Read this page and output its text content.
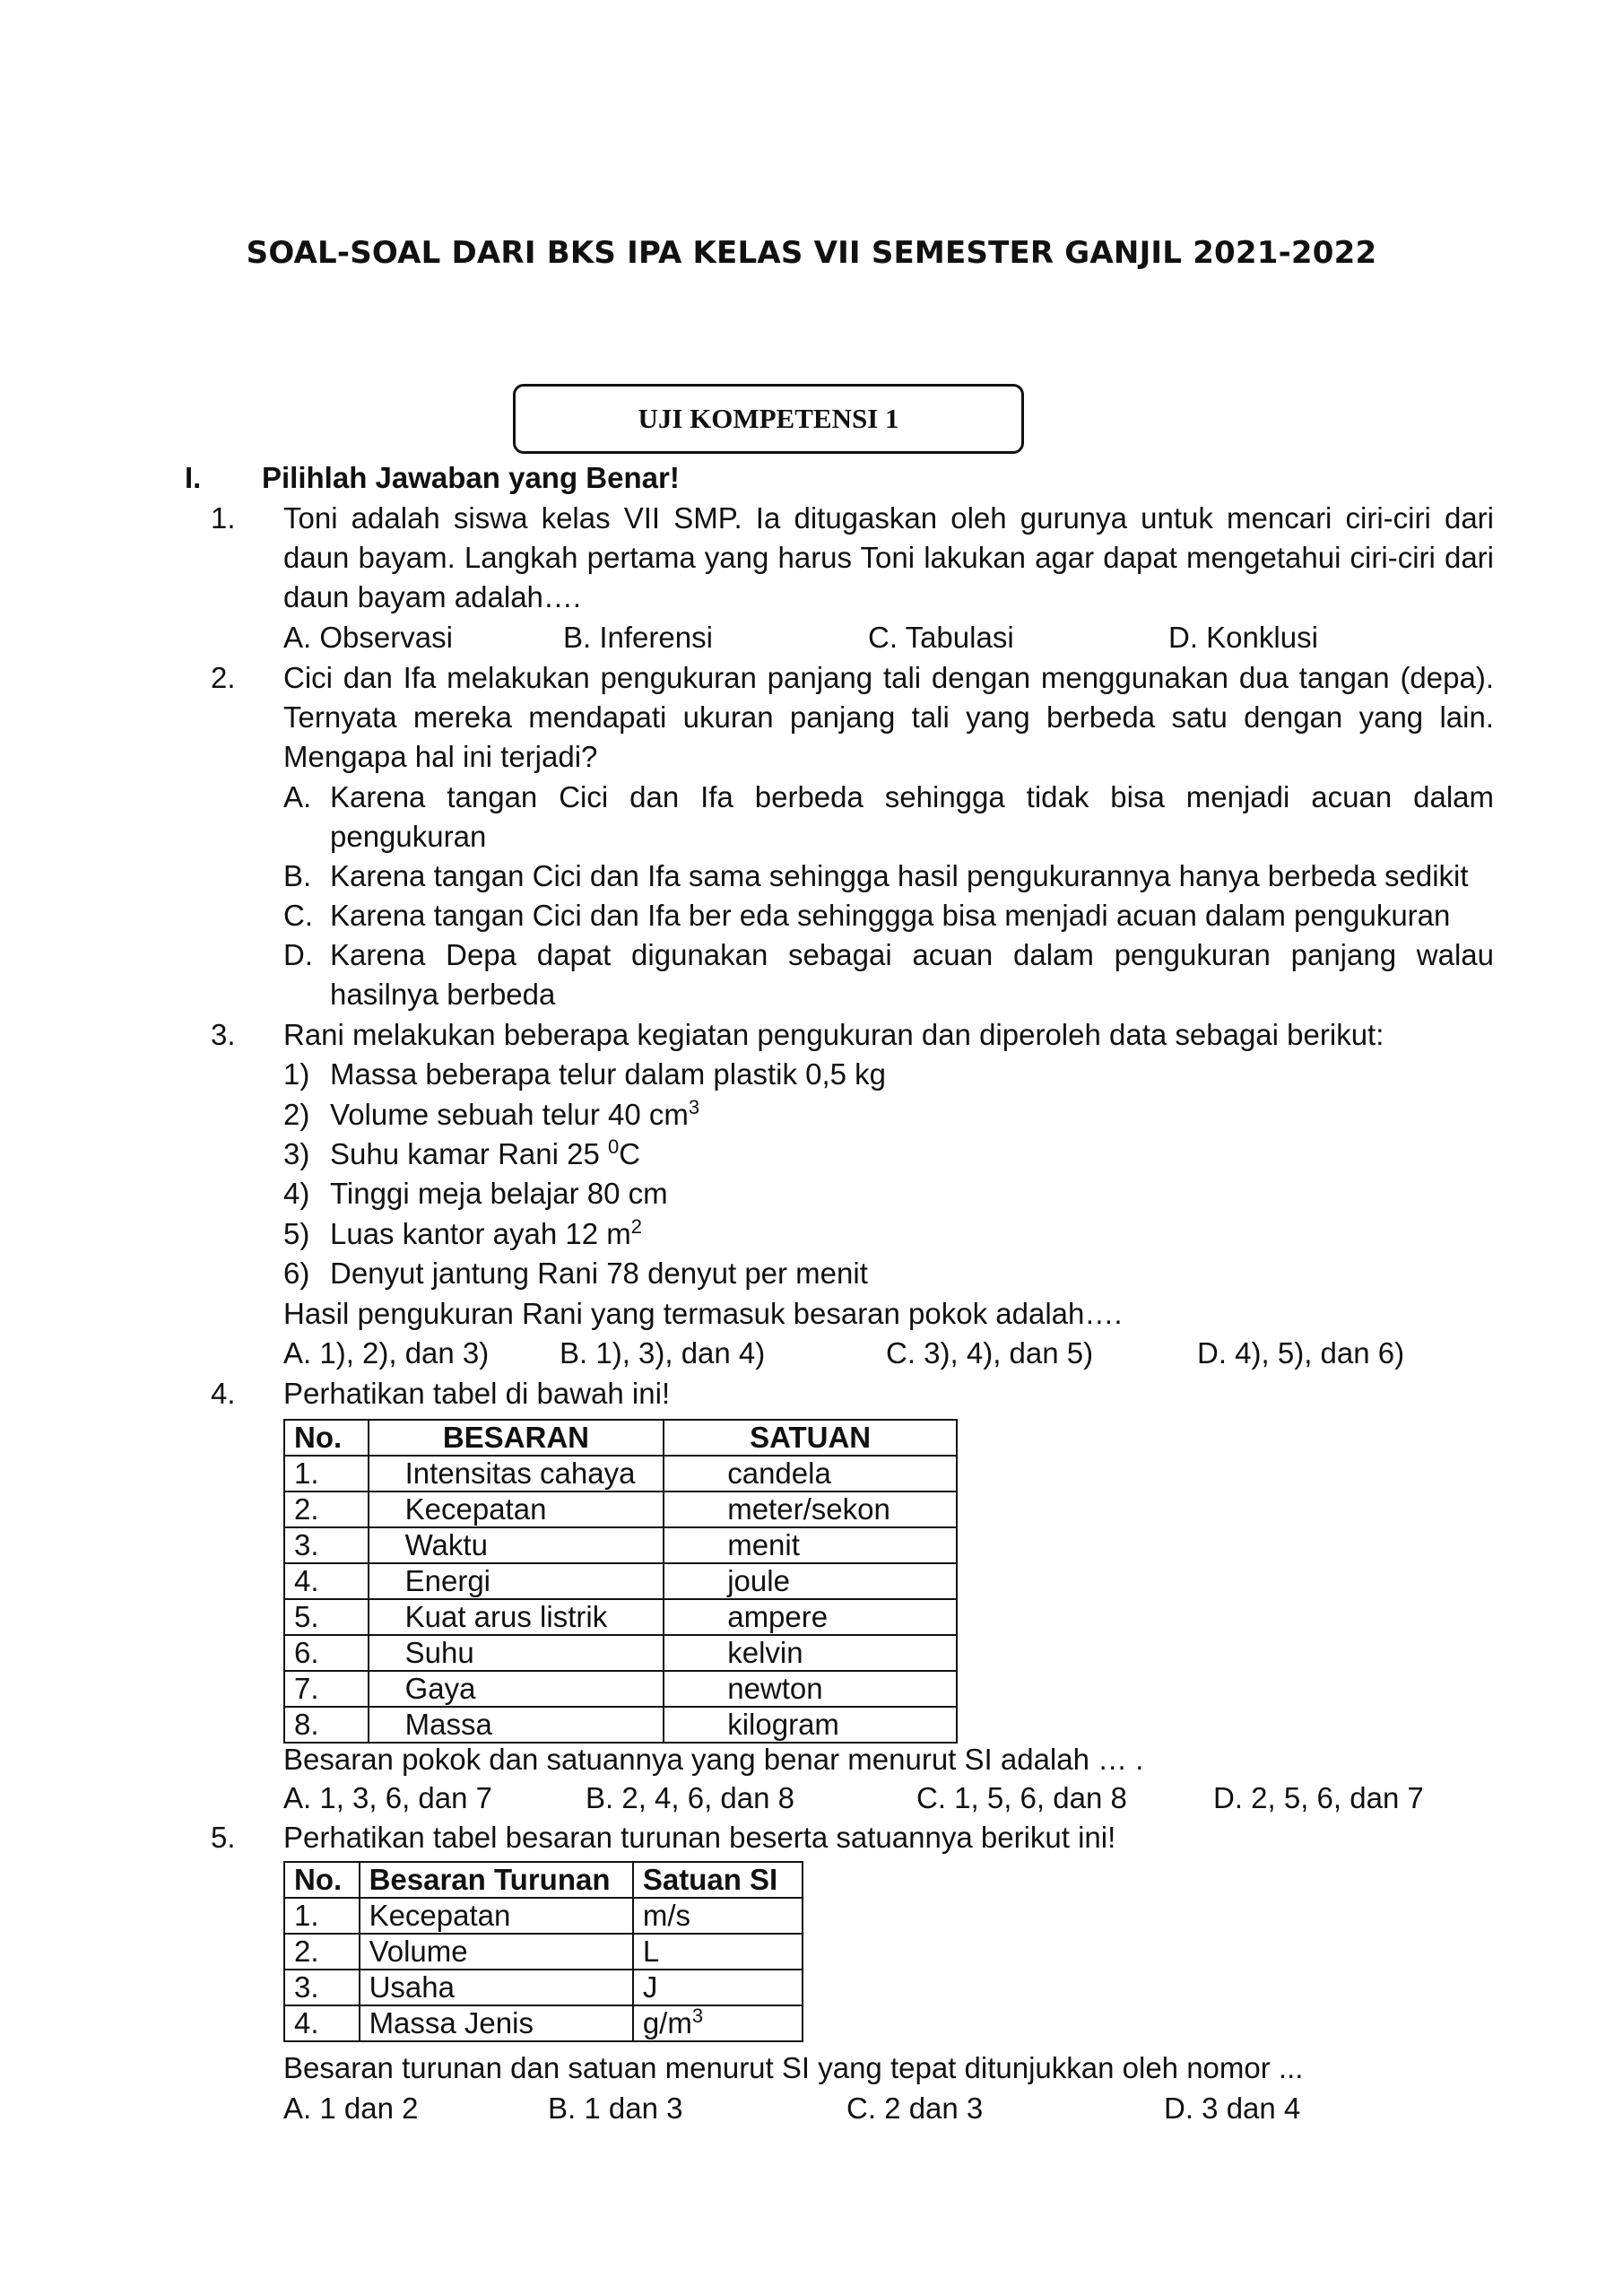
SOAL-SOAL DARI BKS IPA KELAS VII SEMESTER GANJIL 2021-2022
UJI KOMPETENSI 1
I. Pilihlah Jawaban yang Benar!
1. Toni adalah siswa kelas VII SMP. Ia ditugaskan oleh gurunya untuk mencari ciri-ciri dari
daun bayam. Langkah pertama yang harus Toni lakukan agar dapat mengetahui ciri-ciri dari
daun bayam adalah….
A. Observasi	B. Inferensi	C. Tabulasi	D. Konklusi
2. Cici dan Ifa melakukan pengukuran panjang tali dengan menggunakan dua tangan (depa).
Ternyata mereka mendapati ukuran panjang tali yang berbeda satu dengan yang lain.
Mengapa hal ini terjadi?
A. Karena tangan Cici dan Ifa berbeda sehingga tidak bisa menjadi acuan dalam
pengukuran
B. Karena tangan Cici dan Ifa sama sehingga hasil pengukurannya hanya berbeda sedikit
C. Karena tangan Cici dan Ifa ber eda sehinggga bisa menjadi acuan dalam pengukuran
D. Karena Depa dapat digunakan sebagai acuan dalam pengukuran panjang walau
hasilnya berbeda
3. Rani melakukan beberapa kegiatan pengukuran dan diperoleh data sebagai berikut:
1) Massa beberapa telur dalam plastik 0,5 kg
2) Volume sebuah telur 40 $cm^3$
3) Suhu kamar Rani 25 $^0$C
4) Tinggi meja belajar 80 cm
5) Luas kantor ayah 12 $m^2$
6) Denyut jantung Rani 78 denyut per menit
Hasil pengukuran Rani yang termasuk besaran pokok adalah….
A. 1), 2), dan 3) B. 1), 3), dan 4)	C. 3), 4), dan 5)	D. 4), 5), dan 6)
4. Perhatikan tabel di bawah ini!
No.	BESARAN	SATUAN
1.	Intensitas cahaya	candela
2.	Kecepatan	meter/sekon
3.	Waktu	menit
4.	Energi	joule
5.	Kuat arus listrik	ampere
6.	Suhu	kelvin
7.	Gaya	newton
8.	Massa	kilogram
Besaran pokok dan satuannya yang benar menurut SI adalah … .
A. 1, 3, 6, dan 7	B. 2, 4, 6, dan 8	C. 1, 5, 6, dan 8	D. 2, 5, 6, dan 7
5. Perhatikan tabel besaran turunan beserta satuannya berikut ini!
No.	Besaran Turunan	Satuan SI
1.	Kecepatan	m/s
2.	Volume	L
3.	Usaha	J
4.	Massa Jenis	$g/m^3$
Besaran turunan dan satuan menurut SI yang tepat ditunjukkan oleh nomor ...
A. 1 dan 2	B. 1 dan 3	C. 2 dan 3	D. 3 dan 4
